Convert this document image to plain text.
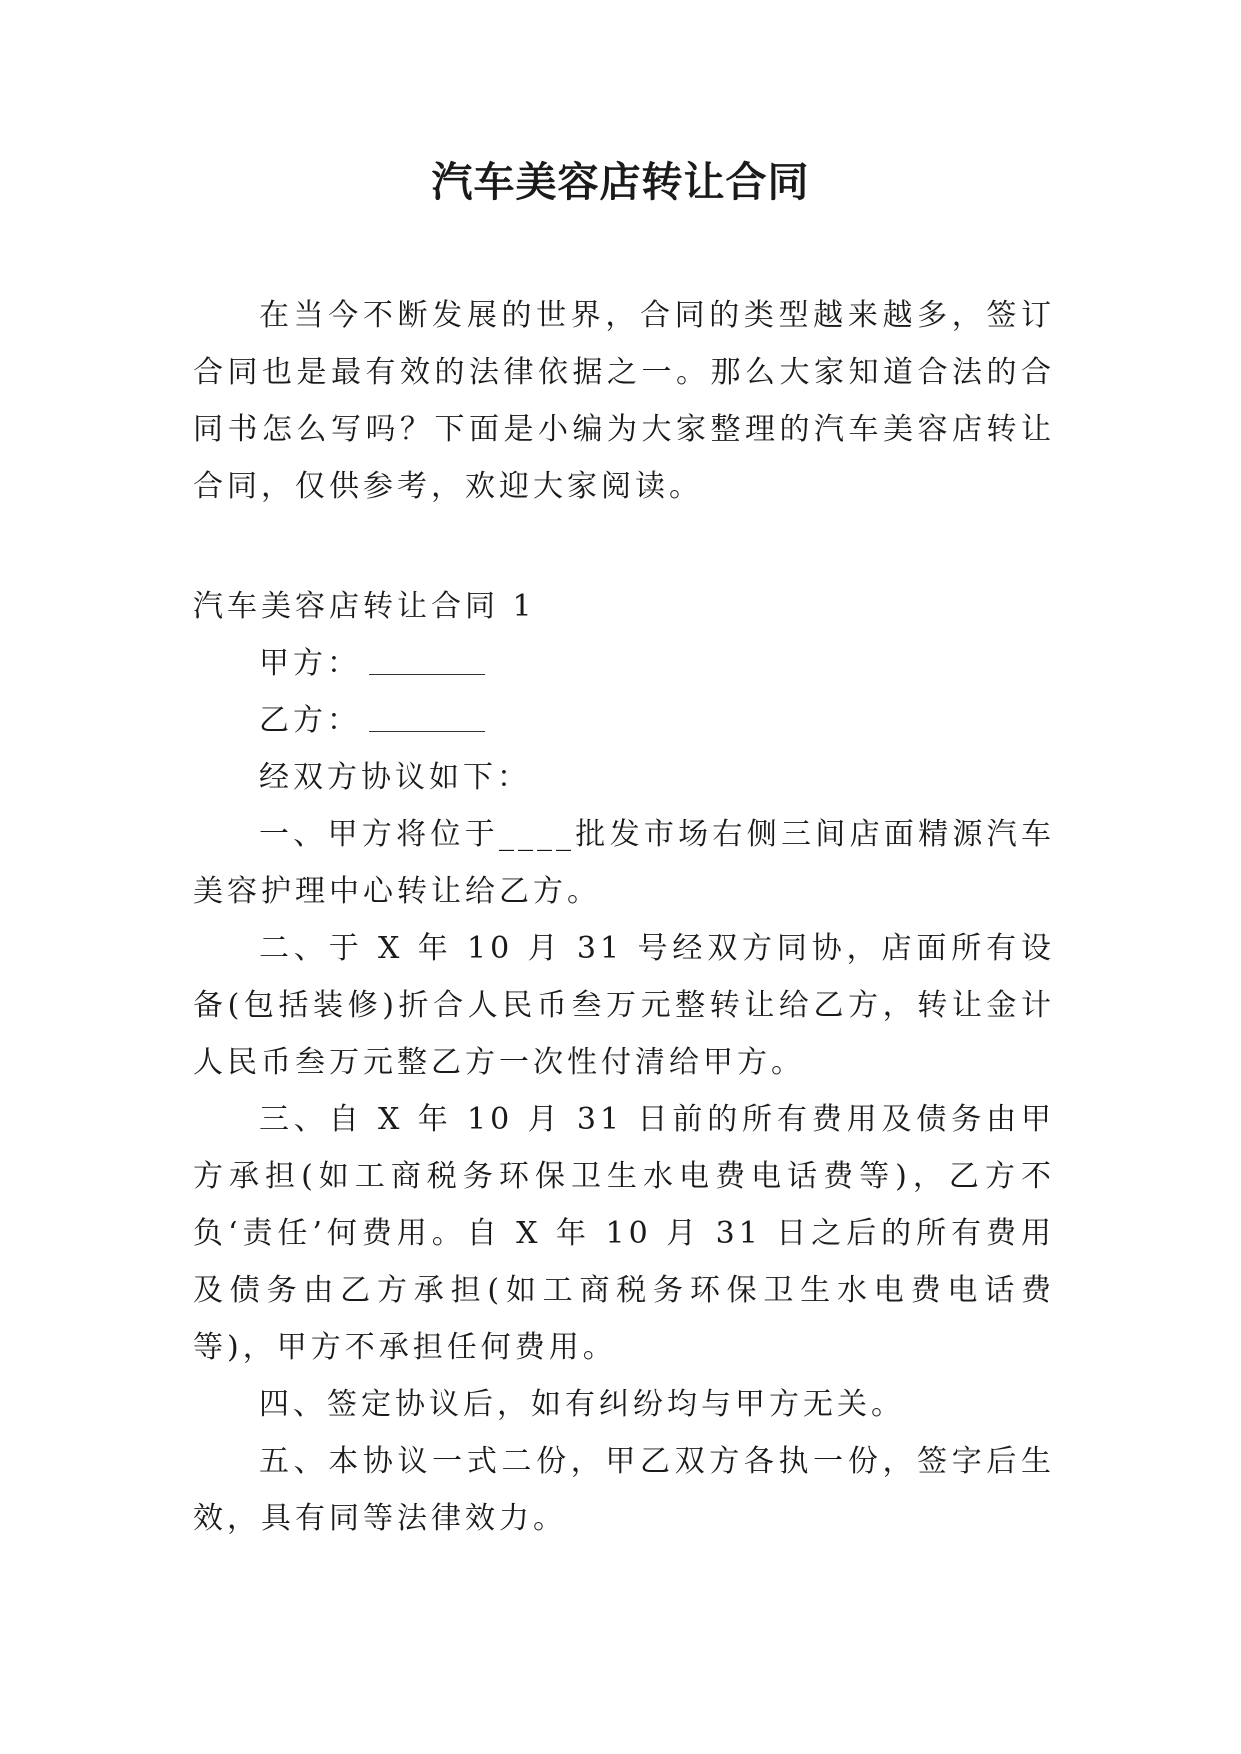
汽车美容店转让合同

在当今不断发展的世界，合同的类型越来越多，签订合同也是最有效的法律依据之一。那么大家知道合法的合同书怎么写吗？下面是小编为大家整理的汽车美容店转让合同，仅供参考，欢迎大家阅读。

汽车美容店转让合同 1

甲方：

乙方：

经双方协议如下：

一、甲方将位于____批发市场右侧三间店面精源汽车美容护理中心转让给乙方。

二、于 X 年 10 月 31 号经双方同协，店面所有设备(包括装修)折合人民币叁万元整转让给乙方，转让金计人民币叁万元整乙方一次性付清给甲方。

三、自 X 年 10 月 31 日前的所有费用及债务由甲方承担(如工商税务环保卫生水电费电话费等)，乙方不负‘责任’何费用。自 X 年 10 月 31 日之后的所有费用及债务由乙方承担(如工商税务环保卫生水电费电话费等)，甲方不承担任何费用。

四、签定协议后，如有纠纷均与甲方无关。

五、本协议一式二份，甲乙双方各执一份，签字后生效，具有同等法律效力。
